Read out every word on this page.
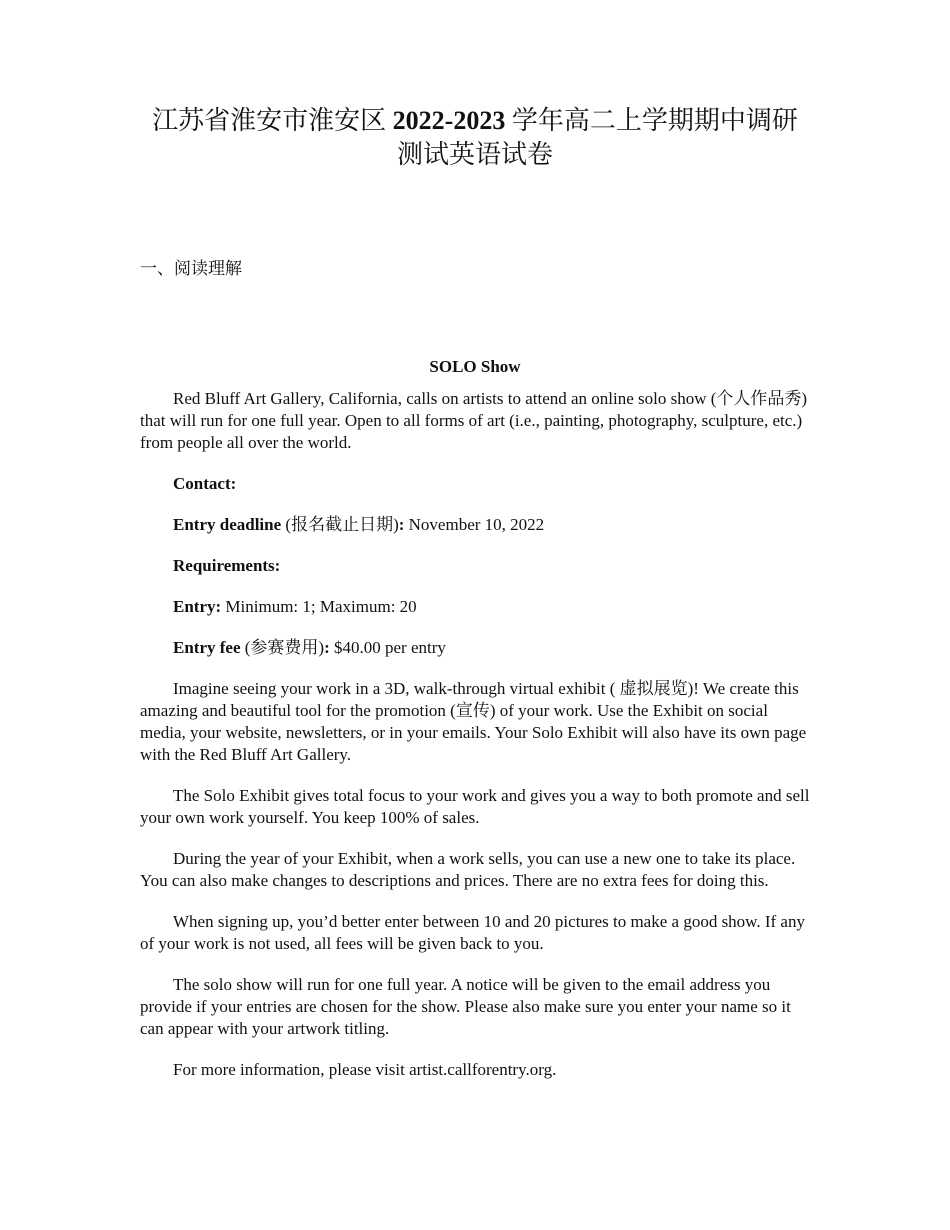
江苏省淮安市淮安区 2022-2023 学年高二上学期期中调研测试英语试卷
一、阅读理解
SOLO Show

Red Bluff Art Gallery, California, calls on artists to attend an online solo show (个人作品秀) that will run for one full year. Open to all forms of art (i.e., painting, photography, sculpture, etc.) from people all over the world.

Contact:

Entry deadline (报名截止日期): November 10, 2022

Requirements:

Entry: Minimum: 1; Maximum: 20

Entry fee (参赛费用): $40.00 per entry

Imagine seeing your work in a 3D, walk-through virtual exhibit ( 虚拟展览)! We create this amazing and beautiful tool for the promotion (宣传) of your work. Use the Exhibit on social media, your website, newsletters, or in your emails. Your Solo Exhibit will also have its own page with the Red Bluff Art Gallery.

The Solo Exhibit gives total focus to your work and gives you a way to both promote and sell your own work yourself. You keep 100% of sales.

During the year of your Exhibit, when a work sells, you can use a new one to take its place. You can also make changes to descriptions and prices. There are no extra fees for doing this.

When signing up, you’d better enter between 10 and 20 pictures to make a good show. If any of your work is not used, all fees will be given back to you.

The solo show will run for one full year. A notice will be given to the email address you provide if your entries are chosen for the show. Please also make sure you enter your name so it can appear with your artwork titling.

For more information, please visit artist.callforentry.org.
